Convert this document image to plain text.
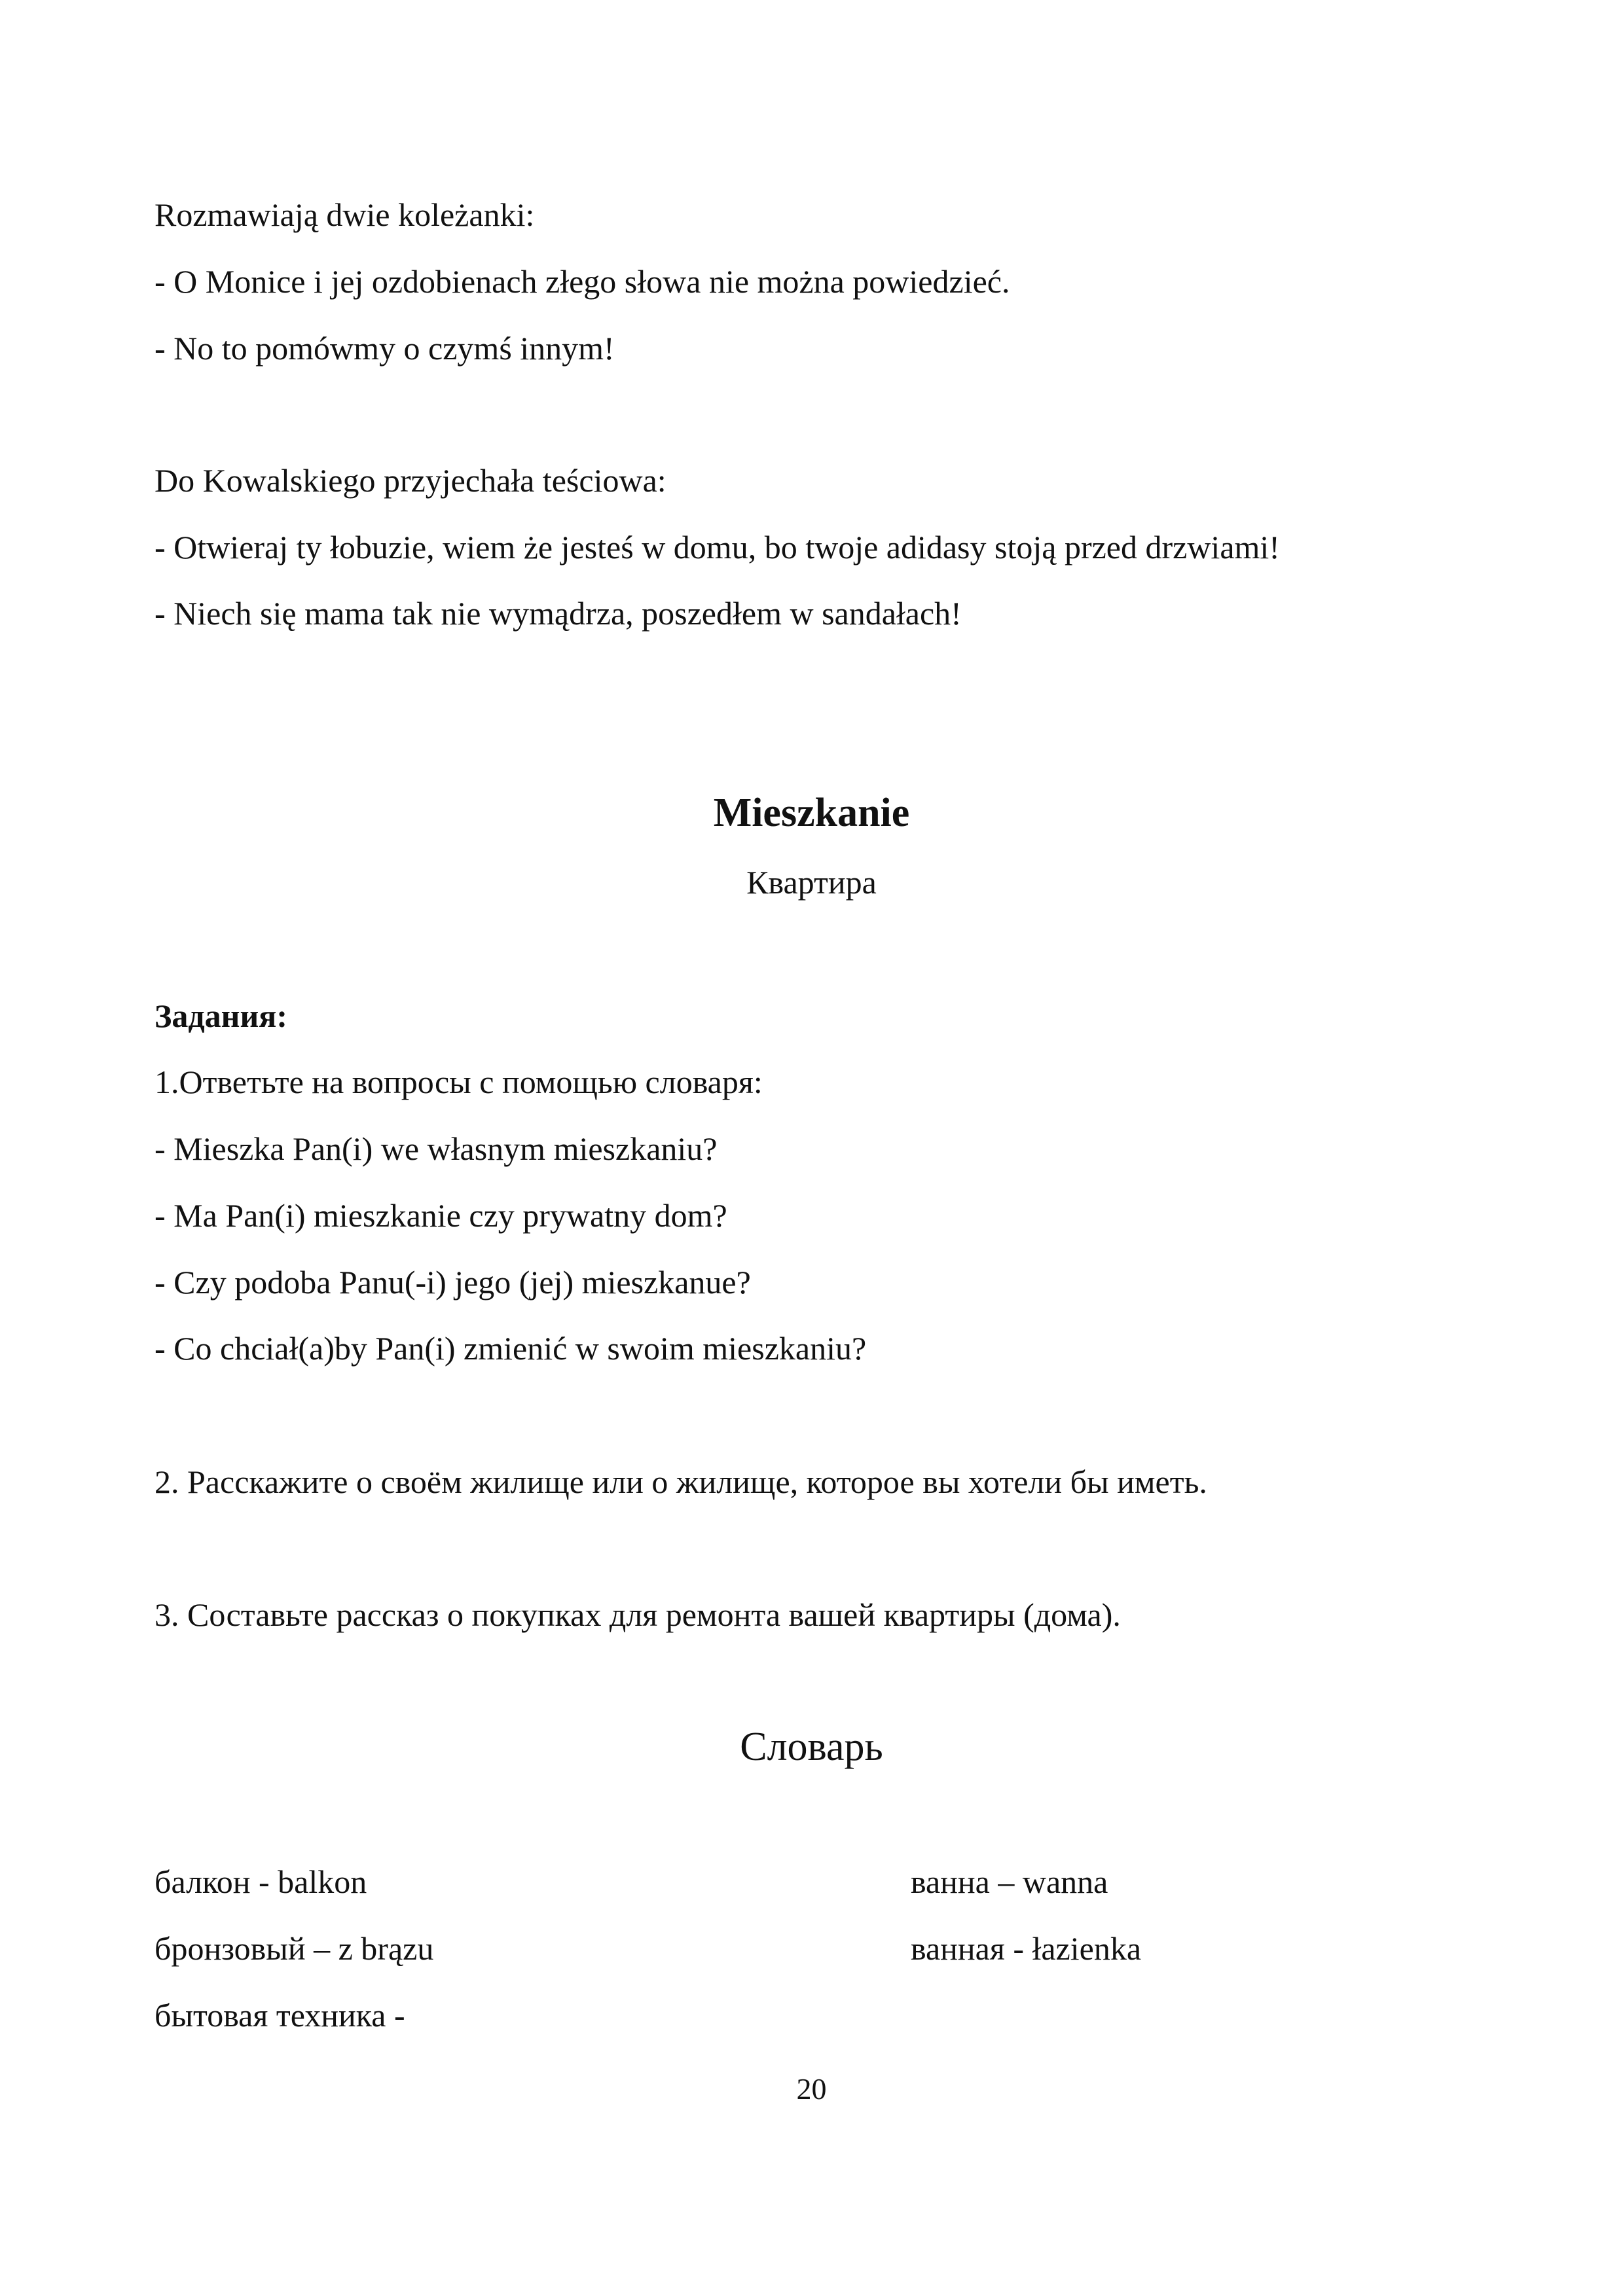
Rozmawiają dwie koleżanki:
- O Monice i jej ozdobienach złego słowa nie można powiedzieć.
- No to pomówmy o czymś innym!
Do Kowalskiego przyjechała teściowa:
- Otwieraj ty łobuzie, wiem że jesteś w domu, bo twoje adidasy stoją przed drzwiami!
- Niech się mama tak nie wymądrza, poszedłem w sandałach!
Mieszkanie
Квартира
Задания:
1.Ответьте на вопросы с помощью словаря:
- Mieszka Pan(i) we własnym mieszkaniu?
- Ma Pan(i) mieszkanie czy prywatny dom?
- Czy podoba Panu(-i) jego (jej) mieszkanue?
- Co chciał(a)by Pan(i) zmienić w swoim mieszkaniu?
2. Расскажите о своём жилище или о жилище, которое вы хотели бы иметь.
3. Составьте рассказ о покупках для ремонта вашей квартиры (дома).
Словарь
балкон - balkon
бронзовый – z brązu
бытовая техника -
ванна – wanna
ванная - łazienka
20
